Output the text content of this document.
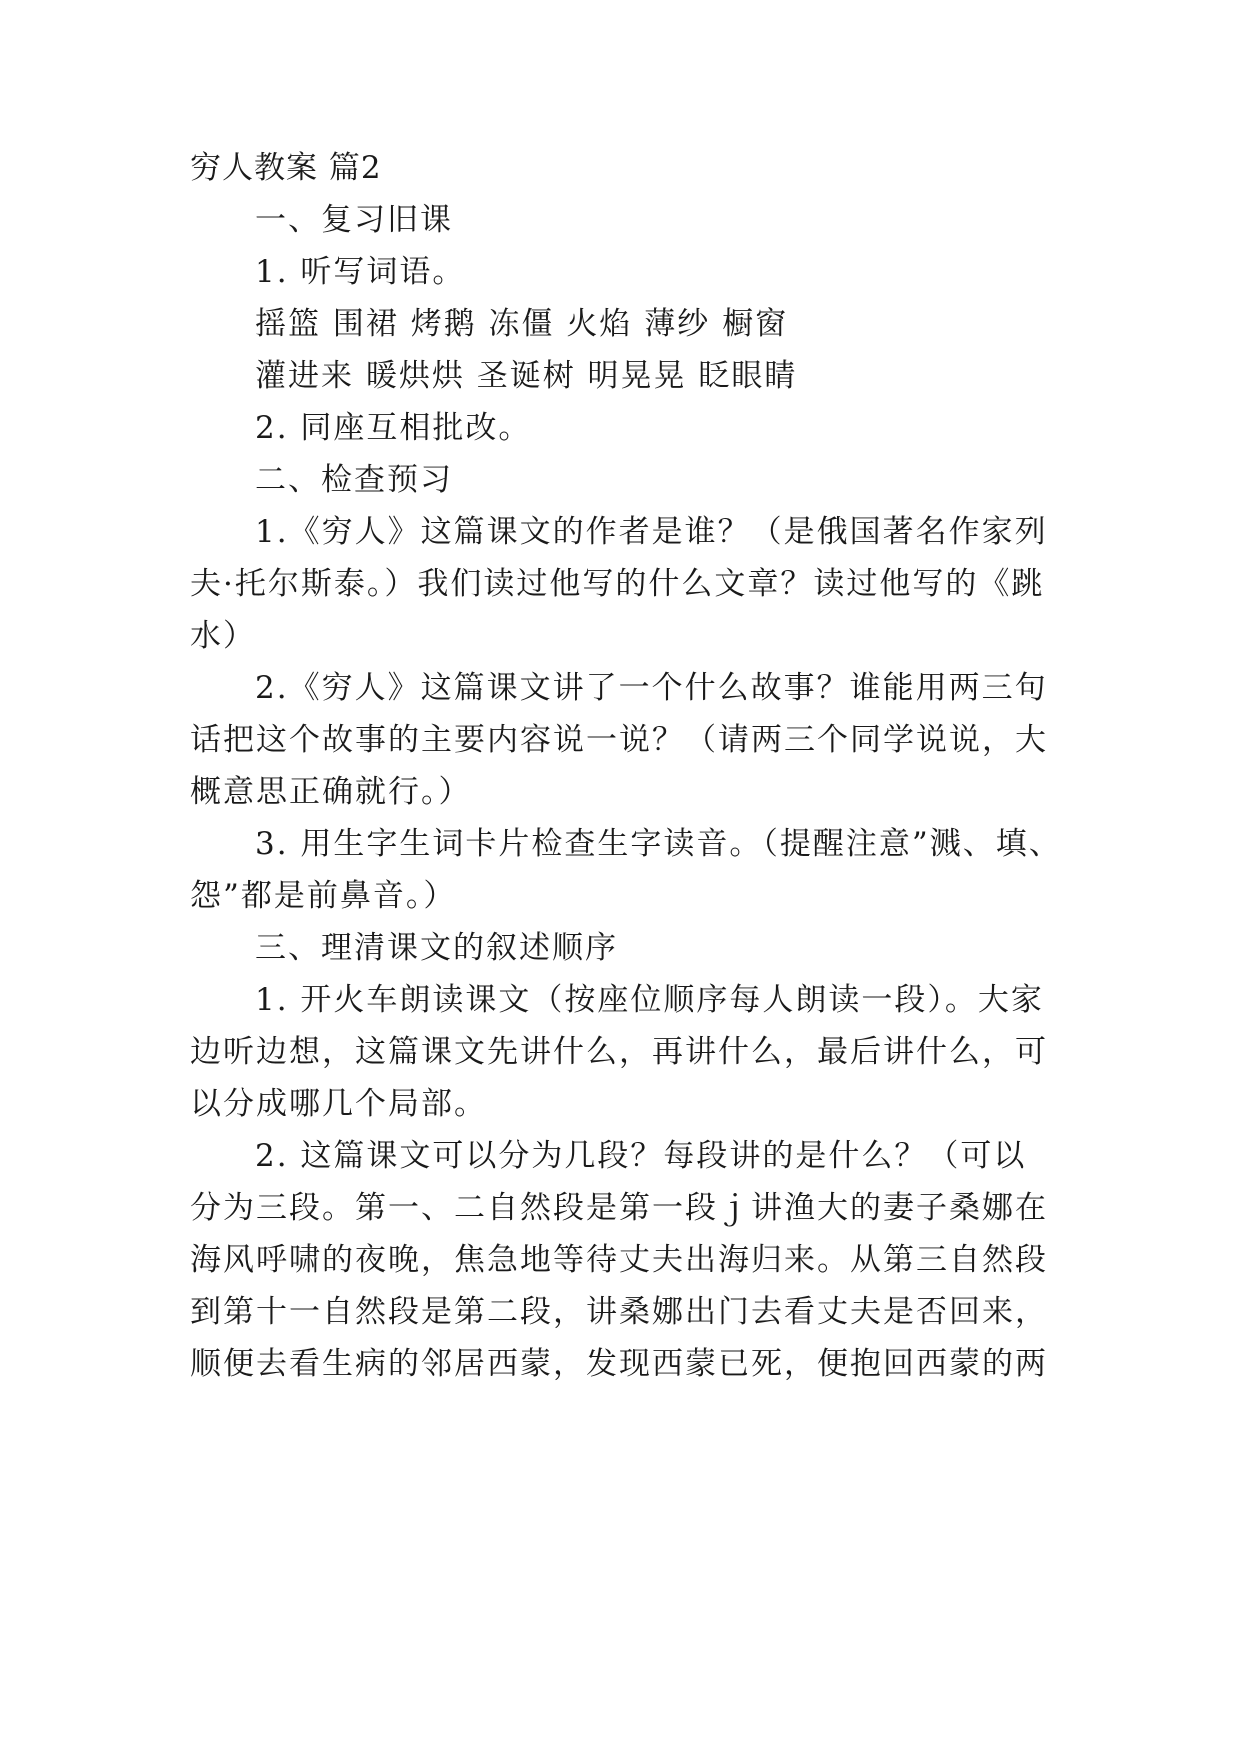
穷人教案 篇2
一、复习旧课
1. 听写词语。
摇篮 围裙 烤鹅 冻僵 火焰 薄纱 橱窗
灌进来 暖烘烘 圣诞树 明晃晃 眨眼睛
2. 同座互相批改。
二、检查预习
1.《穷人》这篇课文的作者是谁？（是俄国著名作家列
夫·托尔斯泰。）我们读过他写的什么文章？读过他写的《跳
水）
2.《穷人》这篇课文讲了一个什么故事？谁能用两三句
话把这个故事的主要内容说一说？（请两三个同学说说，大
概意思正确就行。）
3. 用生字生词卡片检查生字读音。（提醒注意”溅、填、
怨”都是前鼻音。）
三、理清课文的叙述顺序
1. 开火车朗读课文（按座位顺序每人朗读一段）。大家
边听边想，这篇课文先讲什么，再讲什么，最后讲什么，可
以分成哪几个局部。
2. 这篇课文可以分为几段？每段讲的是什么？（可以
分为三段。第一、二自然段是第一段ｊ讲渔大的妻子桑娜在
海风呼啸的夜晚，焦急地等待丈夫出海归来。从第三自然段
到第十一自然段是第二段，讲桑娜出门去看丈夫是否回来，
顺便去看生病的邻居西蒙，发现西蒙已死，便抱回西蒙的两
